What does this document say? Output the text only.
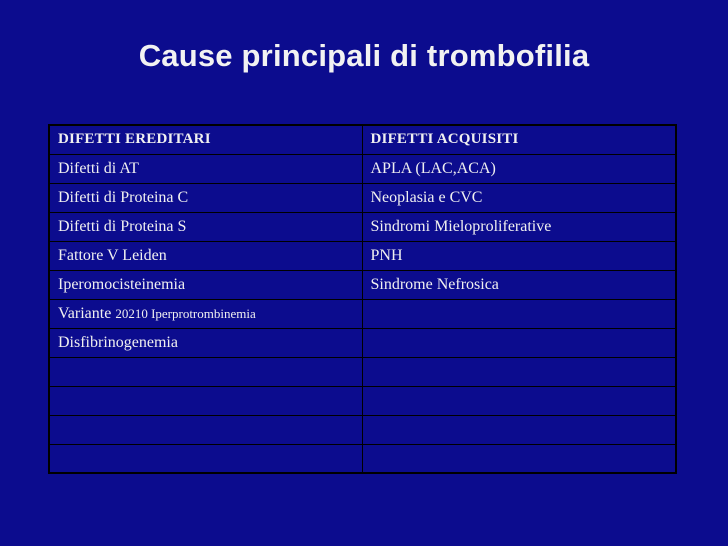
Cause principali di trombofilia
DIFETTI EREDITARI	DIFETTI ACQUISITI
Difetti di AT	APLA (LAC,ACA)
Difetti di Proteina C	Neoplasia e CVC
Difetti di Proteina S	Sindromi Mieloproliferative
Fattore V Leiden	PNH
Iperomocisteinemia	Sindrome Nefrosica
Variante 20210 Iperprotrombinemia	
Disfibrinogenemia	
